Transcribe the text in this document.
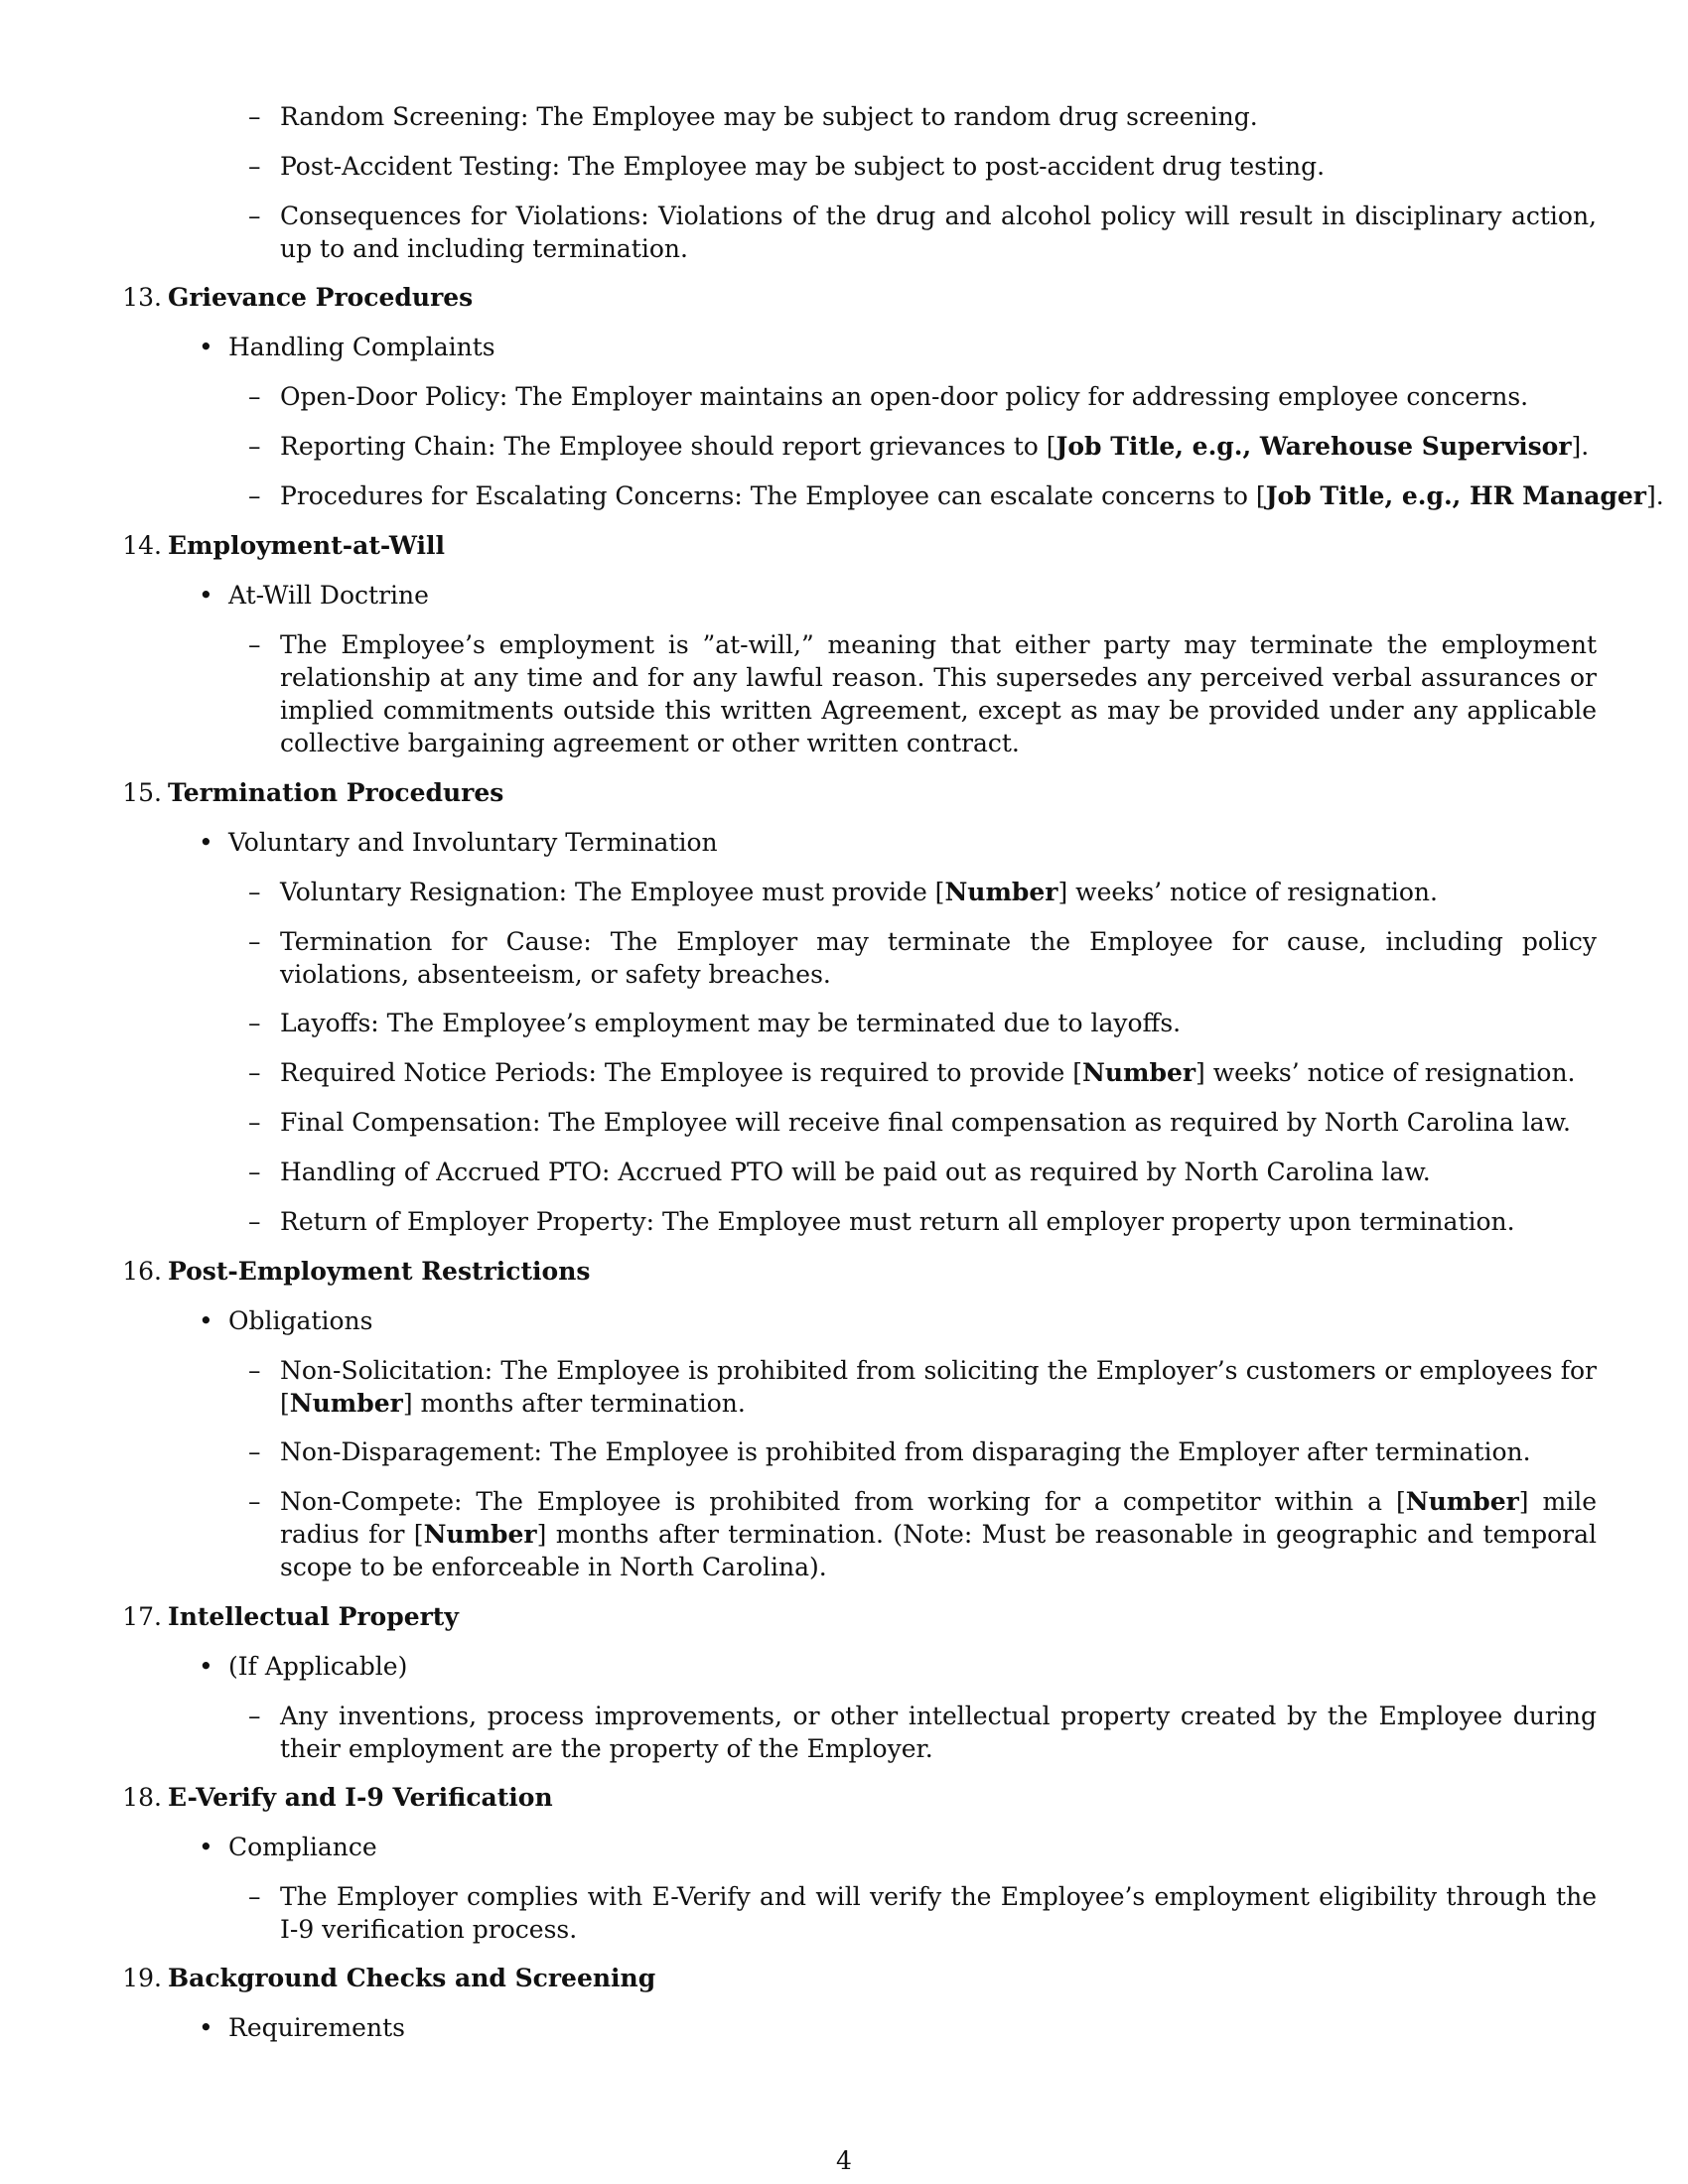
– Random Screening: The Employee may be subject to random drug screening.
– Post-Accident Testing: The Employee may be subject to post-accident drug testing.
– Consequences for Violations: Violations of the drug and alcohol policy will result in disciplinary action, up to and including termination.
13. Grievance Procedures
• Handling Complaints
– Open-Door Policy: The Employer maintains an open-door policy for addressing employee concerns.
– Reporting Chain: The Employee should report grievances to [Job Title, e.g., Warehouse Supervisor].
– Procedures for Escalating Concerns: The Employee can escalate concerns to [Job Title, e.g., HR Manager].
14. Employment-at-Will
• At-Will Doctrine
– The Employee’s employment is ”at-will,” meaning that either party may terminate the employment relationship at any time and for any lawful reason. This supersedes any perceived verbal assurances or implied commitments outside this written Agreement, except as may be provided under any applicable collective bargaining agreement or other written contract.
15. Termination Procedures
• Voluntary and Involuntary Termination
– Voluntary Resignation: The Employee must provide [Number] weeks’ notice of resignation.
– Termination for Cause: The Employer may terminate the Employee for cause, including policy violations, absenteeism, or safety breaches.
– Layoffs: The Employee’s employment may be terminated due to layoffs.
– Required Notice Periods: The Employee is required to provide [Number] weeks’ notice of resignation.
– Final Compensation: The Employee will receive final compensation as required by North Carolina law.
– Handling of Accrued PTO: Accrued PTO will be paid out as required by North Carolina law.
– Return of Employer Property: The Employee must return all employer property upon termination.
16. Post-Employment Restrictions
• Obligations
– Non-Solicitation: The Employee is prohibited from soliciting the Employer’s customers or employees for [Number] months after termination.
– Non-Disparagement: The Employee is prohibited from disparaging the Employer after termination.
– Non-Compete: The Employee is prohibited from working for a competitor within a [Number] mile radius for [Number] months after termination. (Note: Must be reasonable in geographic and temporal scope to be enforceable in North Carolina).
17. Intellectual Property
• (If Applicable)
– Any inventions, process improvements, or other intellectual property created by the Employee during their employment are the property of the Employer.
18. E-Verify and I-9 Verification
• Compliance
– The Employer complies with E-Verify and will verify the Employee’s employment eligibility through the I-9 verification process.
19. Background Checks and Screening
• Requirements
4
